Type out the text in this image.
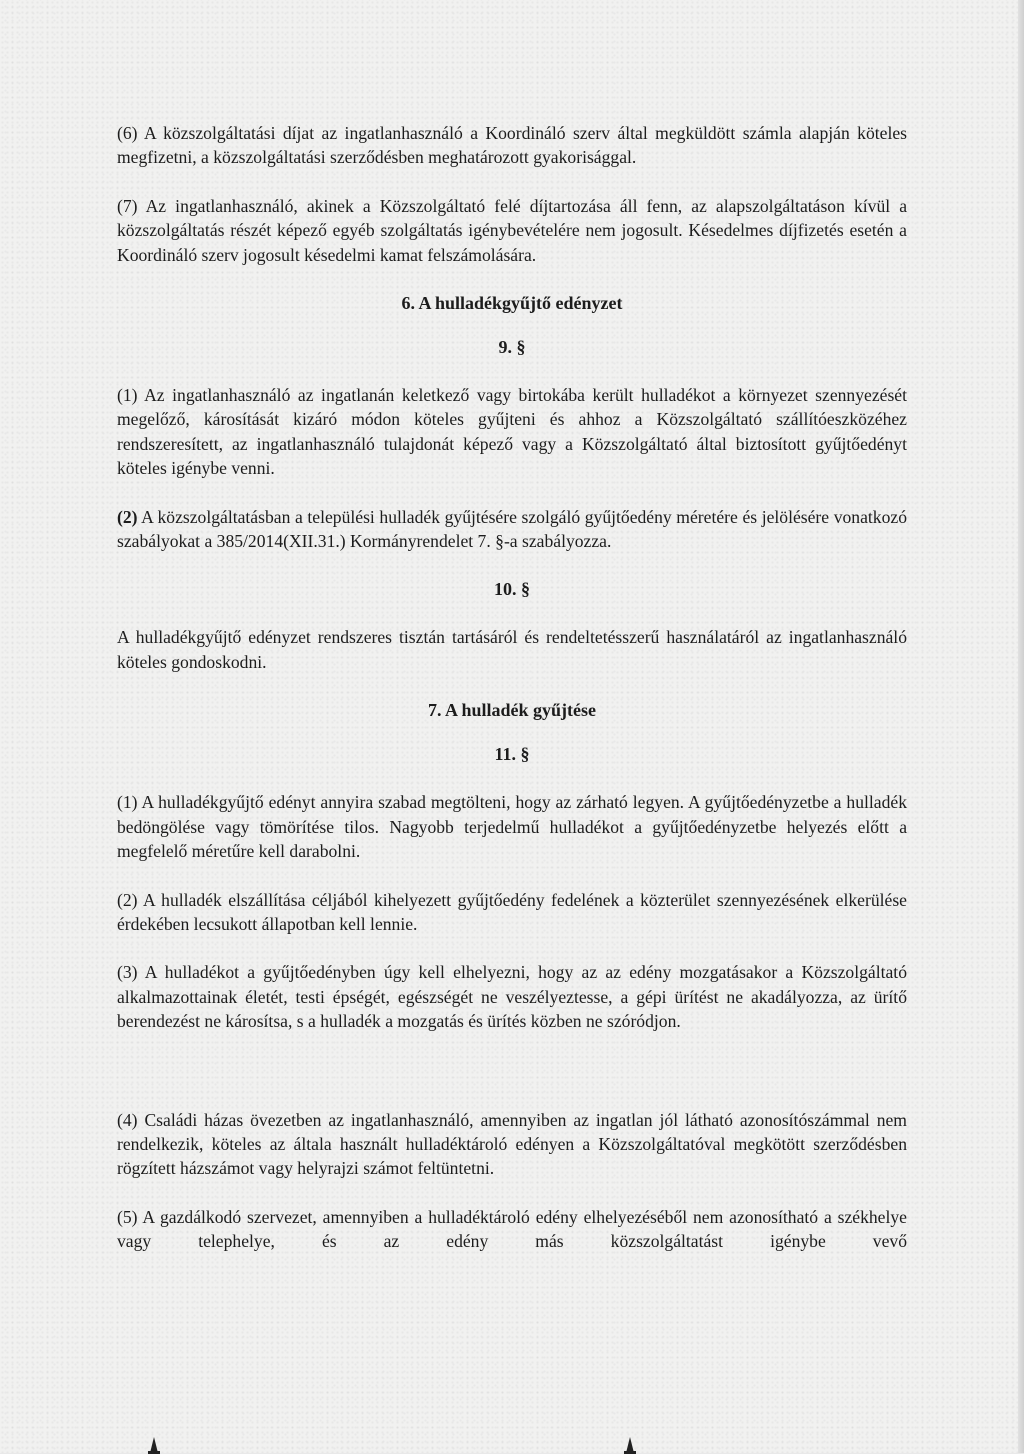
(6) A közszolgáltatási díjat az ingatlanhasználó a Koordináló szerv által megküldött számla alapján köteles megfizetni, a közszolgáltatási szerződésben meghatározott gyakorisággal.

(7) Az ingatlanhasználó, akinek a Közszolgáltató felé díjtartozása áll fenn, az alapszolgáltatáson kívül a közszolgáltatás részét képező egyéb szolgáltatás igénybevételére nem jogosult. Késedelmes díjfizetés esetén a Koordináló szerv jogosult késedelmi kamat felszámolására.

6. A hulladékgyűjtő edényzet
9. §

(1) Az ingatlanhasználó az ingatlanán keletkező vagy birtokába került hulladékot a környezet szennyezését megelőző, károsítását kizáró módon köteles gyűjteni és ahhoz a Közszolgáltató szállítóeszközéhez rendszeresített, az ingatlanhasználó tulajdonát képező vagy a Közszolgáltató által biztosított gyűjtőedényt köteles igénybe venni.

(2) A közszolgáltatásban a települési hulladék gyűjtésére szolgáló gyűjtőedény méretére és jelölésére vonatkozó szabályokat a 385/2014(XII.31.) Kormányrendelet 7. §-a szabályozza.

10. §

A hulladékgyűjtő edényzet rendszeres tisztán tartásáról és rendeltetésszerű használatáról az ingatlanhasználó köteles gondoskodni.

7. A hulladék gyűjtése
11. §

(1) A hulladékgyűjtő edényt annyira szabad megtölteni, hogy az zárható legyen. A gyűjtőedényzetbe a hulladék bedöngölése vagy tömörítése tilos. Nagyobb terjedelmű hulladékot a gyűjtőedényzetbe helyezés előtt a megfelelő méretűre kell darabolni.

(2) A hulladék elszállítása céljából kihelyezett gyűjtőedény fedelének a közterület szennyezésének elkerülése érdekében lecsukott állapotban kell lennie.

(3) A hulladékot a gyűjtőedényben úgy kell elhelyezni, hogy az az edény mozgatásakor a Közszolgáltató alkalmazottainak életét, testi épségét, egészségét ne veszélyeztesse, a gépi ürítést ne akadályozza, az ürítő berendezést ne károsítsa, s a hulladék a mozgatás és ürítés közben ne szóródjon.

(4) Családi házas övezetben az ingatlanhasználó, amennyiben az ingatlan jól látható azonosítószámmal nem rendelkezik, köteles az általa használt hulladéktároló edényen a Közszolgáltatóval megkötött szerződésben rögzített házszámot vagy helyrajzi számot feltüntetni.

(5) A gazdálkodó szervezet, amennyiben a hulladéktároló edény elhelyezéséből nem azonosítható a székhelye vagy telephelye, és az edény más közszolgáltatást igénybe vevő
